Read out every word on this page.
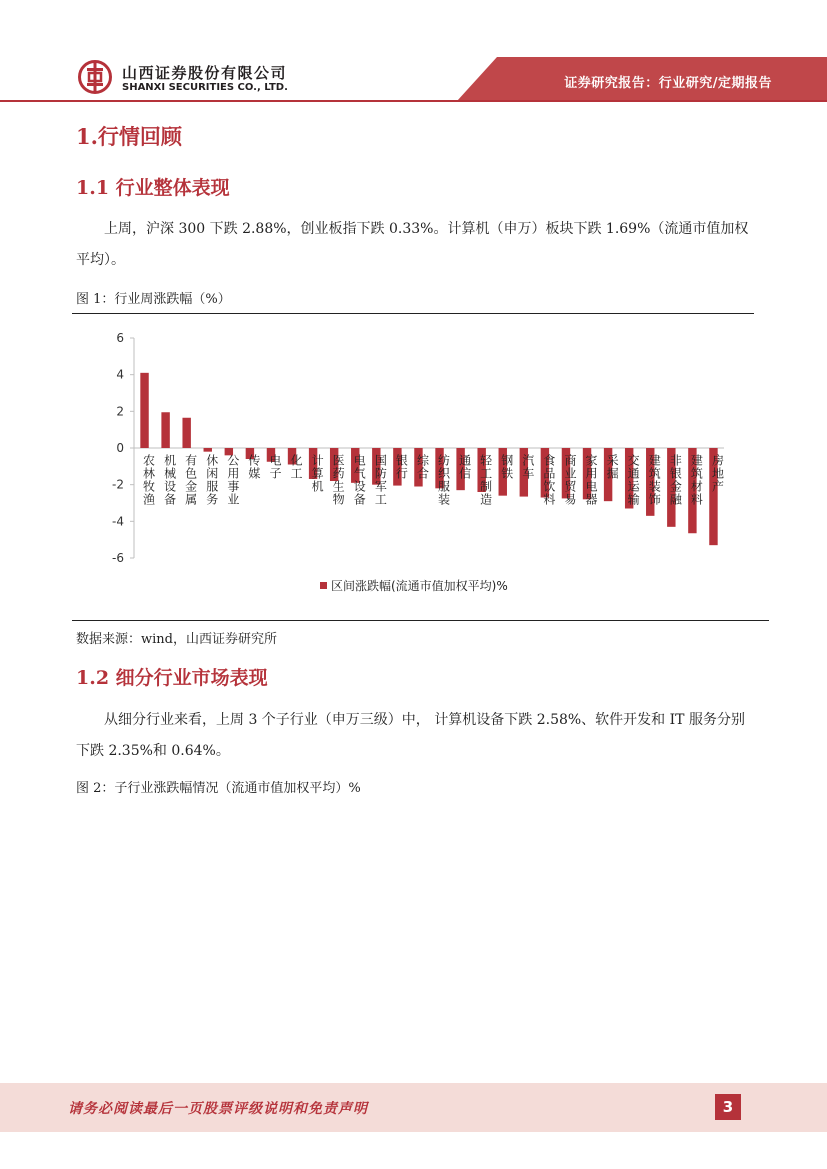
山西证券股份有限公司
SHANXI SECURITIES CO., LTD.	证券研究报告：行业研究/定期报告
1.行情回顾
1.1 行业整体表现
上周，沪深 300 下跌 2.88%，创业板指下跌 0.33%。计算机（申万）板块下跌 1.69%（流通市值加权平均）。
图 1：行业周涨跌幅（%）
6
4
2
0
-2
-4
-6
农林牧渔 机械设备 有色金属 休闲服务 公用事业 传媒 电子 化工 计算机 医药生物 电气设备 国防军工 银行 综合 纺织服装 通信 轻工制造 钢铁 汽车 食品饮料 商业贸易 家用电器 采掘 交通运输 建筑装饰 非银金融 建筑材料 房地产
区间涨跌幅(流通市值加权平均)%
数据来源：wind，山西证券研究所
1.2 细分行业市场表现
从细分行业来看，上周 3 个子行业（申万三级）中， 计算机设备下跌 2.58%、软件开发和 IT 服务分别下跌 2.35%和 0.64%。
图 2：子行业涨跌幅情况（流通市值加权平均）%
请务必阅读最后一页股票评级说明和免责声明	3
